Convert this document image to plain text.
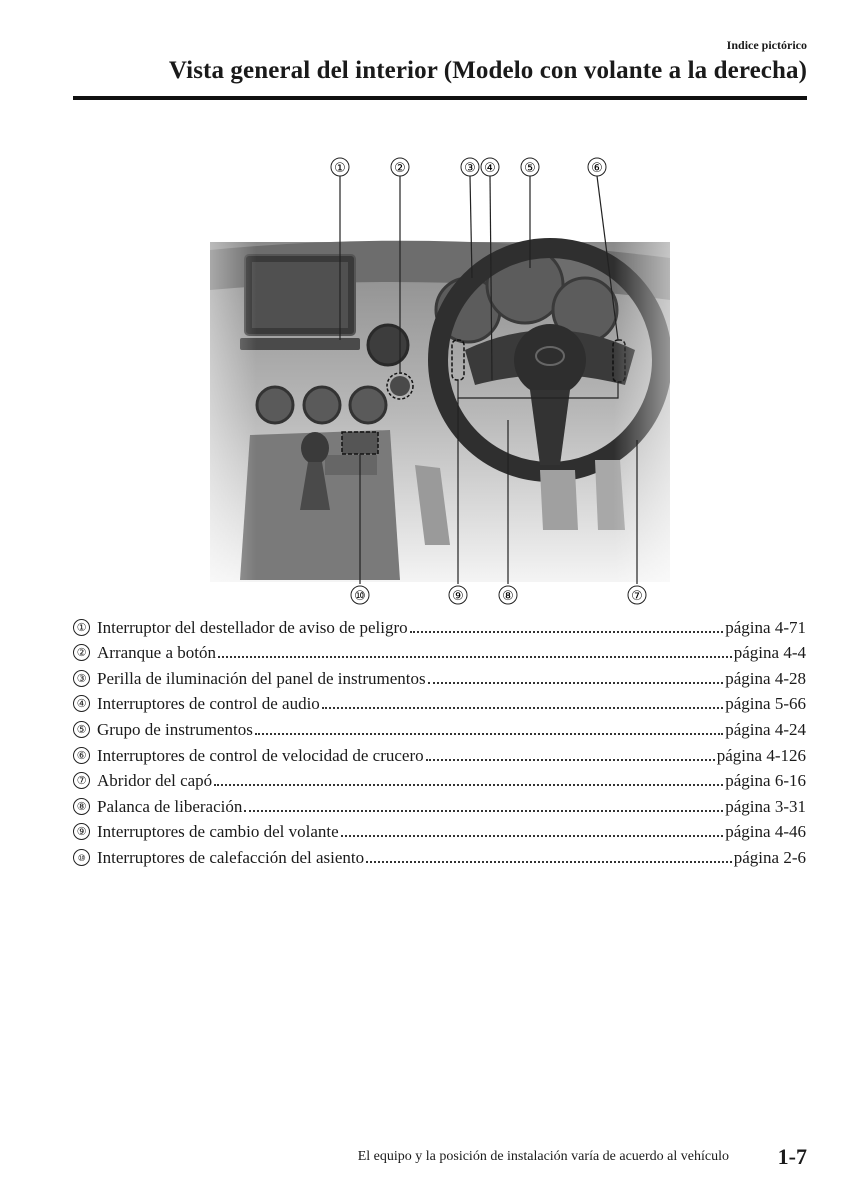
Indice pictórico
Vista general del interior (Modelo con volante a la derecha)
①	②	③ ④ ⑤	⑥
⑩	⑨	⑧	⑦
① Interruptor del destellador de aviso de peligro	página 4-71
② Arranque a botón	página 4-4
③ Perilla de iluminación del panel de instrumentos	página 4-28
④ Interruptores de control de audio	página 5-66
⑤ Grupo de instrumentos	página 4-24
⑥ Interruptores de control de velocidad de crucero	página 4-126
⑦ Abridor del capó	página 6-16
⑧ Palanca de liberación	página 3-31
⑨ Interruptores de cambio del volante	página 4-46
⑩ Interruptores de calefacción del asiento	página 2-6
El equipo y la posición de instalación varía de acuerdo al vehículo 1-7
